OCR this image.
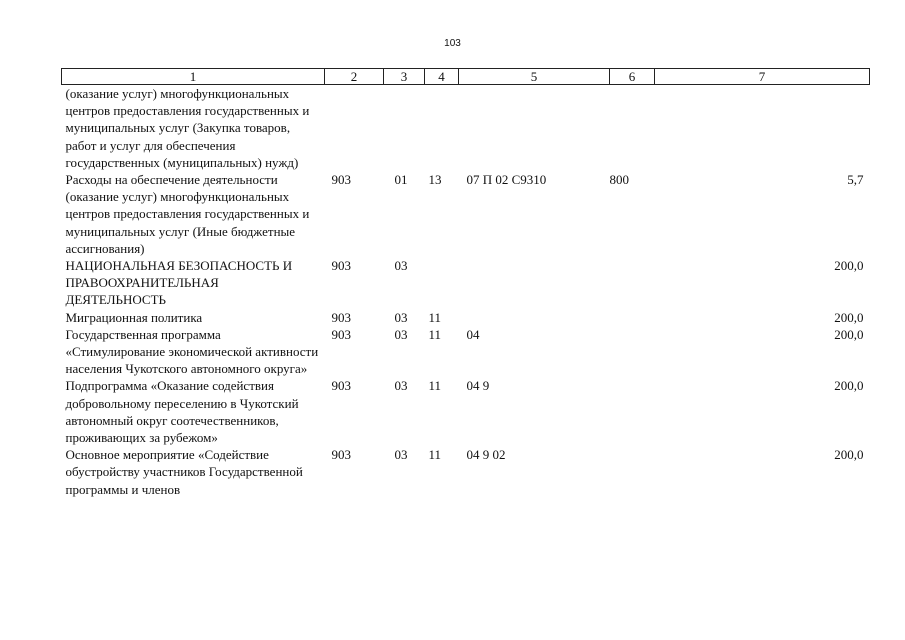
103
1	2	3	4	5	6	7
(оказание услуг) многофункциональных центров предоставления государственных и муниципальных услуг (Закупка товаров, работ и услуг для обеспечения государственных (муниципальных) нужд)						
Расходы на обеспечение деятельности (оказание услуг) многофункциональных центров предоставления государственных и муниципальных услуг (Иные бюджетные ассигнования)	903	01	13	07 П 02 С9310	800	5,7
НАЦИОНАЛЬНАЯ БЕЗОПАСНОСТЬ И ПРАВООХРАНИТЕЛЬНАЯ ДЕЯТЕЛЬНОСТЬ	903	03				200,0
Миграционная политика	903	03	11			200,0
Государственная программа «Стимулирование экономической активности населения Чукотского автономного округа»	903	03	11	04		200,0
Подпрограмма «Оказание содействия добровольному переселению в Чукотский автономный округ соотечественников, проживающих за рубежом»	903	03	11	04 9		200,0
Основное мероприятие «Содействие обустройству участников Государственной программы и членов	903	03	11	04 9 02		200,0
